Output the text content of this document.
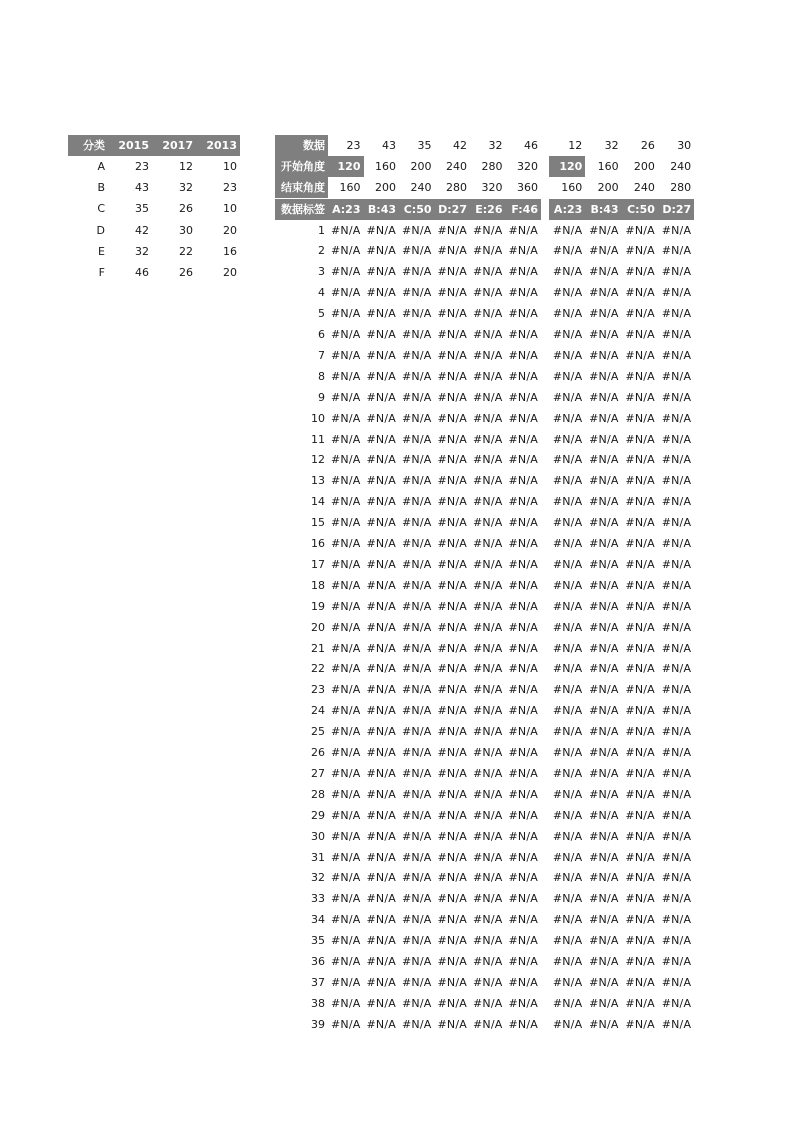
分类	2015	2017	2013
A	23	12	10
B	43	32	23
C	35	26	10
D	42	30	20
E	32	22	16
F	46	26	20
数据	23	43	35	42	32	46	12	32	26	30
开始角度	120	160	200	240	280	320	120	160	200	240
结束角度	160	200	240	280	320	360	160	200	240	280
数据标签 A:23 B:43 C:50 D:27 E:26 F:46	A:23 B:43 C:50 D:27
1 #N/A #N/A #N/A #N/A #N/A #N/A	#N/A #N/A #N/A #N/A
2 #N/A #N/A #N/A #N/A #N/A #N/A	#N/A #N/A #N/A #N/A
3 #N/A #N/A #N/A #N/A #N/A #N/A	#N/A #N/A #N/A #N/A
4 #N/A #N/A #N/A #N/A #N/A #N/A	#N/A #N/A #N/A #N/A
5 #N/A #N/A #N/A #N/A #N/A #N/A	#N/A #N/A #N/A #N/A
6 #N/A #N/A #N/A #N/A #N/A #N/A	#N/A #N/A #N/A #N/A
7 #N/A #N/A #N/A #N/A #N/A #N/A	#N/A #N/A #N/A #N/A
8 #N/A #N/A #N/A #N/A #N/A #N/A	#N/A #N/A #N/A #N/A
9 #N/A #N/A #N/A #N/A #N/A #N/A	#N/A #N/A #N/A #N/A
10 #N/A #N/A #N/A #N/A #N/A #N/A	#N/A #N/A #N/A #N/A
11 #N/A #N/A #N/A #N/A #N/A #N/A	#N/A #N/A #N/A #N/A
12 #N/A #N/A #N/A #N/A #N/A #N/A	#N/A #N/A #N/A #N/A
13 #N/A #N/A #N/A #N/A #N/A #N/A	#N/A #N/A #N/A #N/A
14 #N/A #N/A #N/A #N/A #N/A #N/A	#N/A #N/A #N/A #N/A
15 #N/A #N/A #N/A #N/A #N/A #N/A	#N/A #N/A #N/A #N/A
16 #N/A #N/A #N/A #N/A #N/A #N/A	#N/A #N/A #N/A #N/A
17 #N/A #N/A #N/A #N/A #N/A #N/A	#N/A #N/A #N/A #N/A
18 #N/A #N/A #N/A #N/A #N/A #N/A	#N/A #N/A #N/A #N/A
19 #N/A #N/A #N/A #N/A #N/A #N/A	#N/A #N/A #N/A #N/A
20 #N/A #N/A #N/A #N/A #N/A #N/A	#N/A #N/A #N/A #N/A
21 #N/A #N/A #N/A #N/A #N/A #N/A	#N/A #N/A #N/A #N/A
22 #N/A #N/A #N/A #N/A #N/A #N/A	#N/A #N/A #N/A #N/A
23 #N/A #N/A #N/A #N/A #N/A #N/A	#N/A #N/A #N/A #N/A
24 #N/A #N/A #N/A #N/A #N/A #N/A	#N/A #N/A #N/A #N/A
25 #N/A #N/A #N/A #N/A #N/A #N/A	#N/A #N/A #N/A #N/A
26 #N/A #N/A #N/A #N/A #N/A #N/A	#N/A #N/A #N/A #N/A
27 #N/A #N/A #N/A #N/A #N/A #N/A	#N/A #N/A #N/A #N/A
28 #N/A #N/A #N/A #N/A #N/A #N/A	#N/A #N/A #N/A #N/A
29 #N/A #N/A #N/A #N/A #N/A #N/A	#N/A #N/A #N/A #N/A
30 #N/A #N/A #N/A #N/A #N/A #N/A	#N/A #N/A #N/A #N/A
31 #N/A #N/A #N/A #N/A #N/A #N/A	#N/A #N/A #N/A #N/A
32 #N/A #N/A #N/A #N/A #N/A #N/A	#N/A #N/A #N/A #N/A
33 #N/A #N/A #N/A #N/A #N/A #N/A	#N/A #N/A #N/A #N/A
34 #N/A #N/A #N/A #N/A #N/A #N/A	#N/A #N/A #N/A #N/A
35 #N/A #N/A #N/A #N/A #N/A #N/A	#N/A #N/A #N/A #N/A
36 #N/A #N/A #N/A #N/A #N/A #N/A	#N/A #N/A #N/A #N/A
37 #N/A #N/A #N/A #N/A #N/A #N/A	#N/A #N/A #N/A #N/A
38 #N/A #N/A #N/A #N/A #N/A #N/A	#N/A #N/A #N/A #N/A
39 #N/A #N/A #N/A #N/A #N/A #N/A	#N/A #N/A #N/A #N/A
